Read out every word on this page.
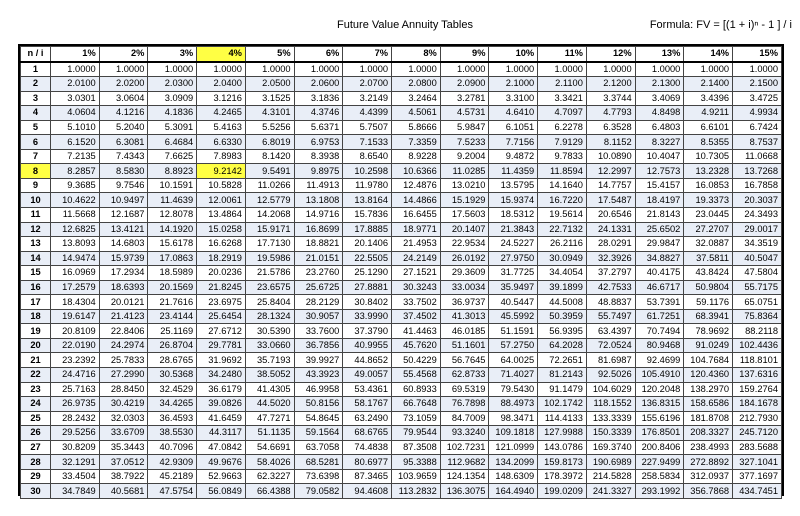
Future Value Annuity Tables	Formula: FV = [(1 + i)ⁿ - 1 ] / i
n / i	1%	2%	3%	4%	5%	6%	7%	8%	9%	10%	11%	12%	13%	14%	15%
1	1.0000	1.0000	1.0000	1.0000	1.0000	1.0000	1.0000	1.0000	1.0000	1.0000	1.0000	1.0000	1.0000	1.0000	1.0000
2	2.0100	2.0200	2.0300	2.0400	2.0500	2.0600	2.0700	2.0800	2.0900	2.1000	2.1100	2.1200	2.1300	2.1400	2.1500
3	3.0301	3.0604	3.0909	3.1216	3.1525	3.1836	3.2149	3.2464	3.2781	3.3100	3.3421	3.3744	3.4069	3.4396	3.4725
4	4.0604	4.1216	4.1836	4.2465	4.3101	4.3746	4.4399	4.5061	4.5731	4.6410	4.7097	4.7793	4.8498	4.9211	4.9934
5	5.1010	5.2040	5.3091	5.4163	5.5256	5.6371	5.7507	5.8666	5.9847	6.1051	6.2278	6.3528	6.4803	6.6101	6.7424
6	6.1520	6.3081	6.4684	6.6330	6.8019	6.9753	7.1533	7.3359	7.5233	7.7156	7.9129	8.1152	8.3227	8.5355	8.7537
7	7.2135	7.4343	7.6625	7.8983	8.1420	8.3938	8.6540	8.9228	9.2004	9.4872	9.7833	10.0890	10.4047	10.7305	11.0668
8	8.2857	8.5830	8.8923	9.2142	9.5491	9.8975	10.2598	10.6366	11.0285	11.4359	11.8594	12.2997	12.7573	13.2328	13.7268
9	9.3685	9.7546	10.1591	10.5828	11.0266	11.4913	11.9780	12.4876	13.0210	13.5795	14.1640	14.7757	15.4157	16.0853	16.7858
10	10.4622	10.9497	11.4639	12.0061	12.5779	13.1808	13.8164	14.4866	15.1929	15.9374	16.7220	17.5487	18.4197	19.3373	20.3037
11	11.5668	12.1687	12.8078	13.4864	14.2068	14.9716	15.7836	16.6455	17.5603	18.5312	19.5614	20.6546	21.8143	23.0445	24.3493
12	12.6825	13.4121	14.1920	15.0258	15.9171	16.8699	17.8885	18.9771	20.1407	21.3843	22.7132	24.1331	25.6502	27.2707	29.0017
13	13.8093	14.6803	15.6178	16.6268	17.7130	18.8821	20.1406	21.4953	22.9534	24.5227	26.2116	28.0291	29.9847	32.0887	34.3519
14	14.9474	15.9739	17.0863	18.2919	19.5986	21.0151	22.5505	24.2149	26.0192	27.9750	30.0949	32.3926	34.8827	37.5811	40.5047
15	16.0969	17.2934	18.5989	20.0236	21.5786	23.2760	25.1290	27.1521	29.3609	31.7725	34.4054	37.2797	40.4175	43.8424	47.5804
16	17.2579	18.6393	20.1569	21.8245	23.6575	25.6725	27.8881	30.3243	33.0034	35.9497	39.1899	42.7533	46.6717	50.9804	55.7175
17	18.4304	20.0121	21.7616	23.6975	25.8404	28.2129	30.8402	33.7502	36.9737	40.5447	44.5008	48.8837	53.7391	59.1176	65.0751
18	19.6147	21.4123	23.4144	25.6454	28.1324	30.9057	33.9990	37.4502	41.3013	45.5992	50.3959	55.7497	61.7251	68.3941	75.8364
19	20.8109	22.8406	25.1169	27.6712	30.5390	33.7600	37.3790	41.4463	46.0185	51.1591	56.9395	63.4397	70.7494	78.9692	88.2118
20	22.0190	24.2974	26.8704	29.7781	33.0660	36.7856	40.9955	45.7620	51.1601	57.2750	64.2028	72.0524	80.9468	91.0249	102.4436
21	23.2392	25.7833	28.6765	31.9692	35.7193	39.9927	44.8652	50.4229	56.7645	64.0025	72.2651	81.6987	92.4699	104.7684	118.8101
22	24.4716	27.2990	30.5368	34.2480	38.5052	43.3923	49.0057	55.4568	62.8733	71.4027	81.2143	92.5026	105.4910	120.4360	137.6316
23	25.7163	28.8450	32.4529	36.6179	41.4305	46.9958	53.4361	60.8933	69.5319	79.5430	91.1479	104.6029	120.2048	138.2970	159.2764
24	26.9735	30.4219	34.4265	39.0826	44.5020	50.8156	58.1767	66.7648	76.7898	88.4973	102.1742	118.1552	136.8315	158.6586	184.1678
25	28.2432	32.0303	36.4593	41.6459	47.7271	54.8645	63.2490	73.1059	84.7009	98.3471	114.4133	133.3339	155.6196	181.8708	212.7930
26	29.5256	33.6709	38.5530	44.3117	51.1135	59.1564	68.6765	79.9544	93.3240	109.1818	127.9988	150.3339	176.8501	208.3327	245.7120
27	30.8209	35.3443	40.7096	47.0842	54.6691	63.7058	74.4838	87.3508	102.7231	121.0999	143.0786	169.3740	200.8406	238.4993	283.5688
28	32.1291	37.0512	42.9309	49.9676	58.4026	68.5281	80.6977	95.3388	112.9682	134.2099	159.8173	190.6989	227.9499	272.8892	327.1041
29	33.4504	38.7922	45.2189	52.9663	62.3227	73.6398	87.3465	103.9659	124.1354	148.6309	178.3972	214.5828	258.5834	312.0937	377.1697
30	34.7849	40.5681	47.5754	56.0849	66.4388	79.0582	94.4608	113.2832	136.3075	164.4940	199.0209	241.3327	293.1992	356.7868	434.7451
